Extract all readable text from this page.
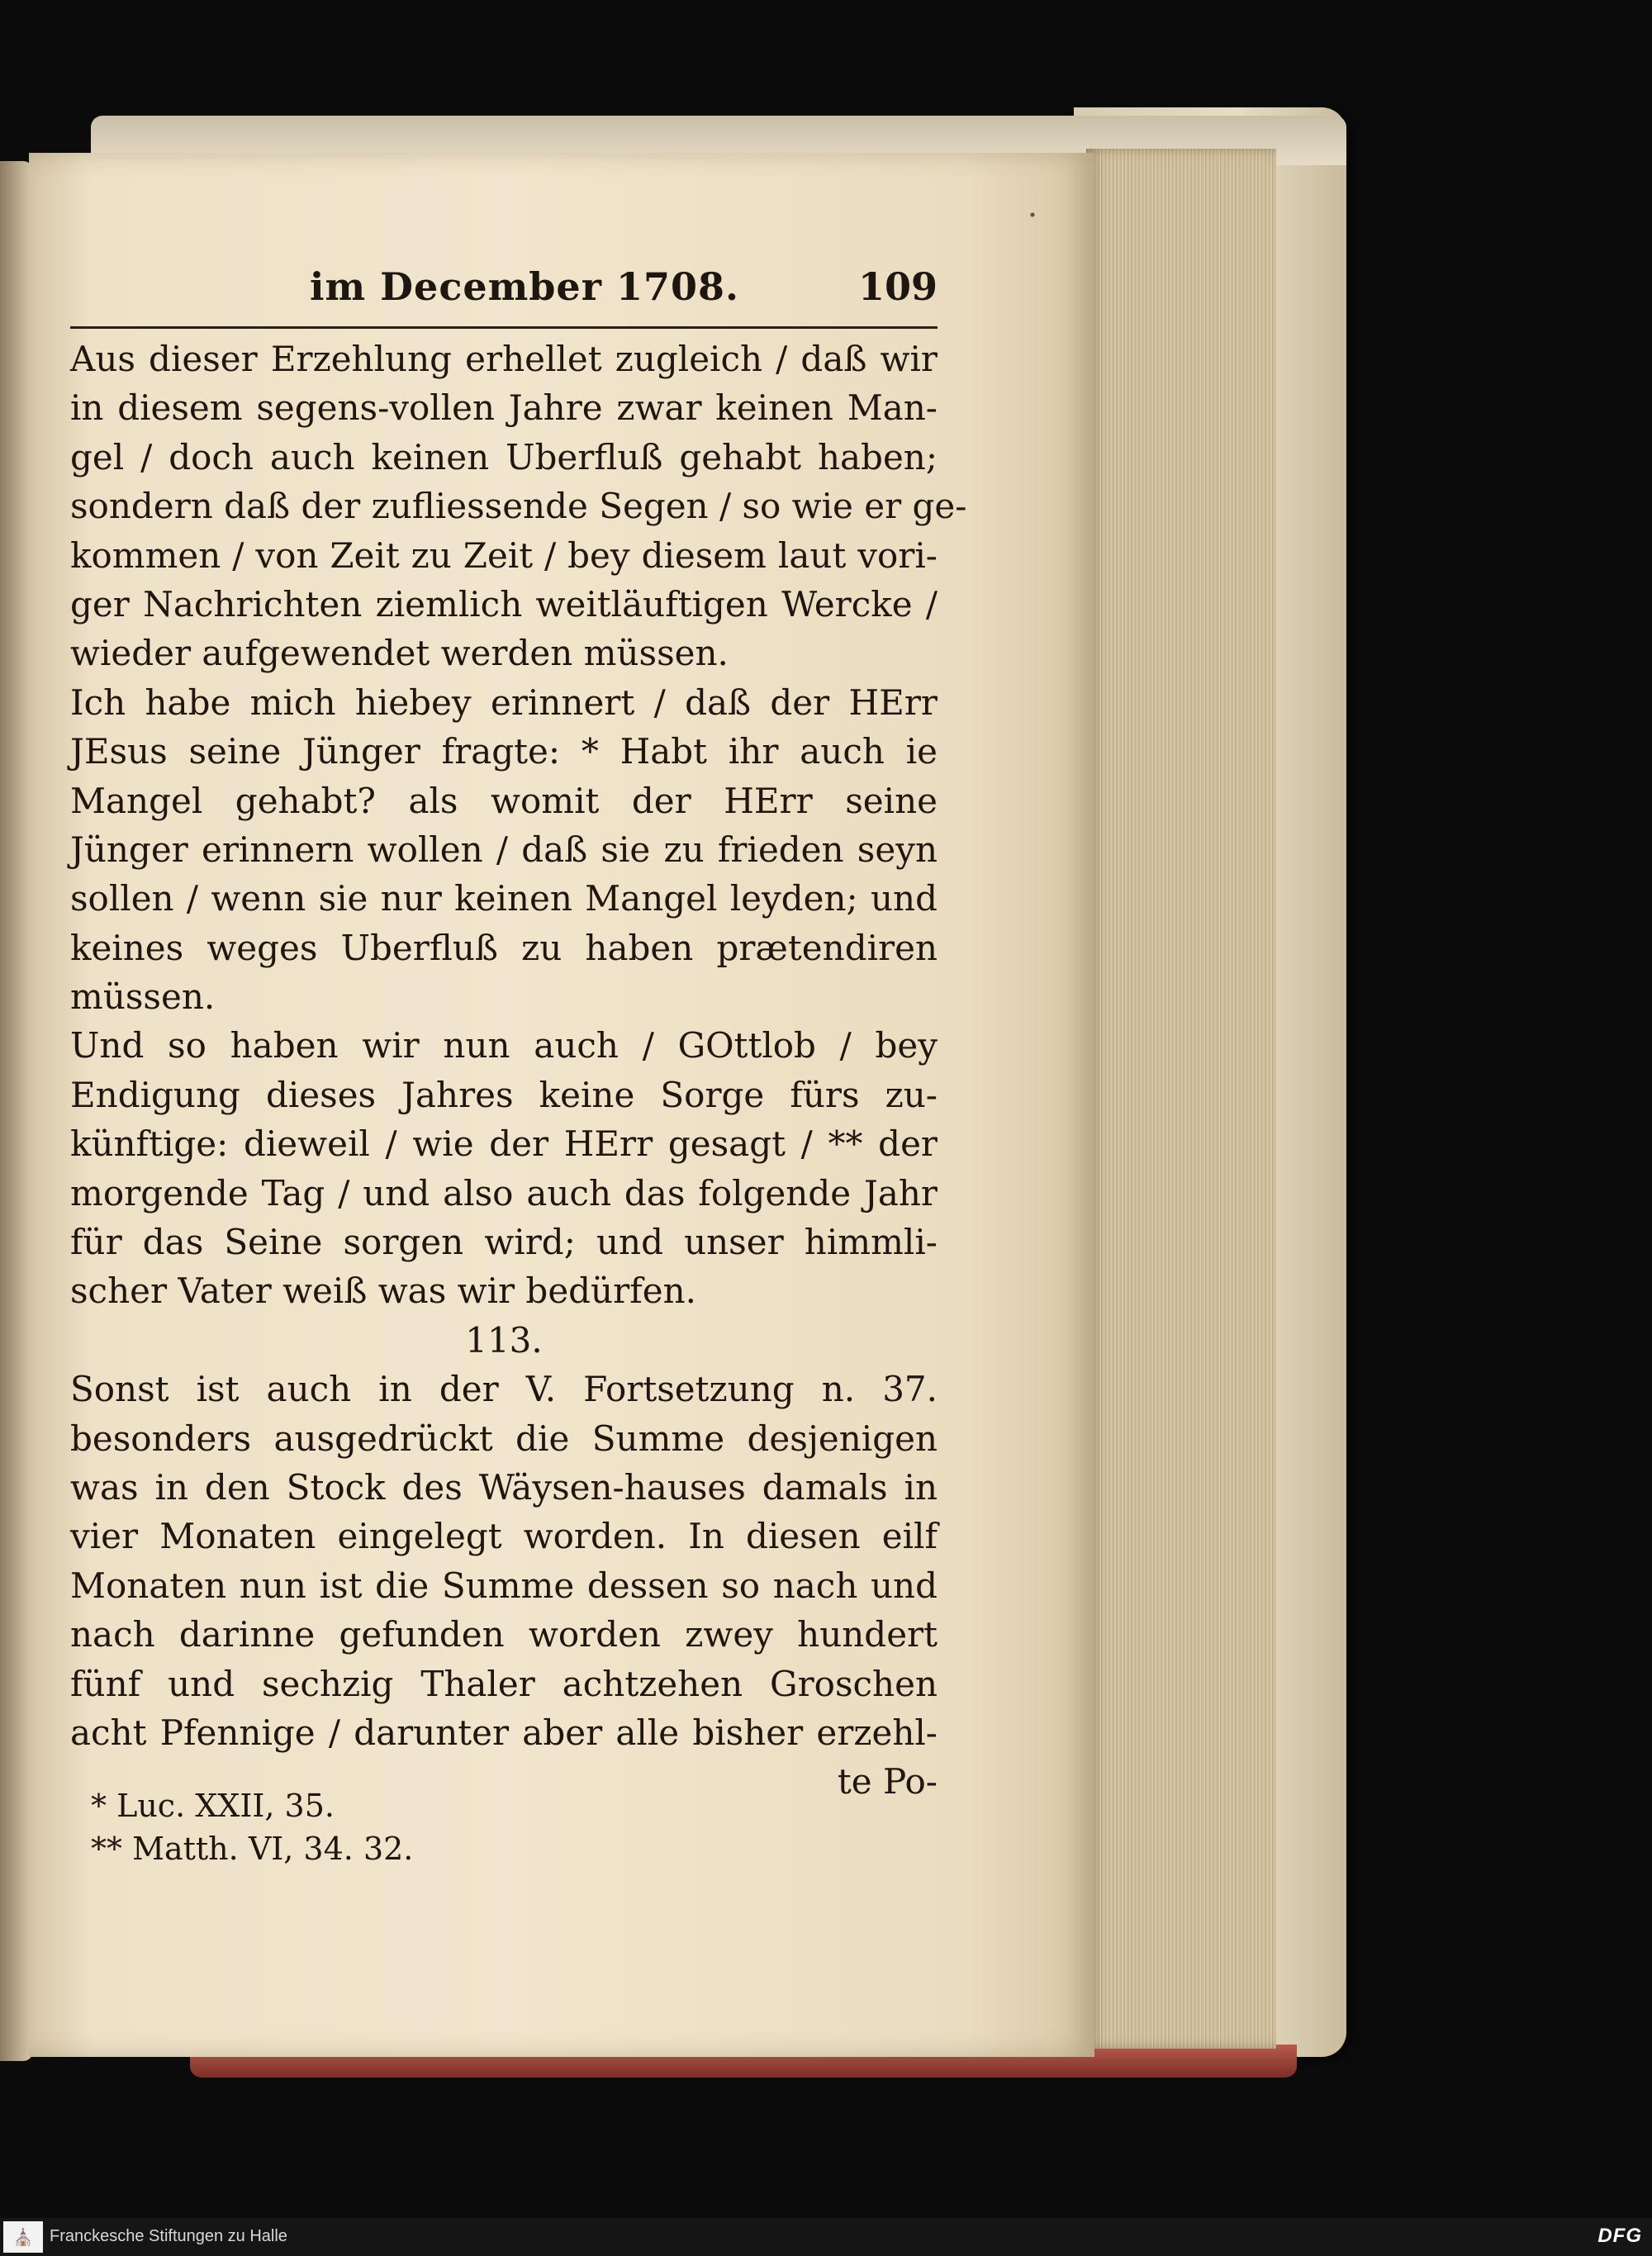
im December 1708.	109
Aus dieser Erzehlung erhellet zugleich / daß wir
in diesem segens-vollen Jahre zwar keinen Man-
gel / doch auch keinen Uberfluß gehabt haben;
sondern daß der zufliessende Segen / so wie er ge-
kommen / von Zeit zu Zeit / bey diesem laut vori-
ger Nachrichten ziemlich weitläuftigen Wercke /
wieder aufgewendet werden müssen.
Ich habe mich hiebey erinnert / daß der HErr
JEsus seine Jünger fragte: * Habt ihr auch ie
Mangel gehabt? als womit der HErr seine
Jünger erinnern wollen / daß sie zu frieden seyn
sollen / wenn sie nur keinen Mangel leyden; und
keines weges Uberfluß zu haben prætendiren
müssen.
Und so haben wir nun auch / GOttlob / bey
Endigung dieses Jahres keine Sorge fürs zu-
künftige: dieweil / wie der HErr gesagt / ** der
morgende Tag / und also auch das folgende Jahr
für das Seine sorgen wird; und unser himmli-
scher Vater weiß was wir bedürfen.
113.
Sonst ist auch in der V. Fortsetzung n. 37.
besonders ausgedrückt die Summe desjenigen
was in den Stock des Wäysen-hauses damals in
vier Monaten eingelegt worden. In diesen eilf
Monaten nun ist die Summe dessen so nach und
nach darinne gefunden worden zwey hundert
fünf und sechzig Thaler achtzehen Groschen
acht Pfennige / darunter aber alle bisher erzehl-
te Po-
* Luc. XXII, 35.
** Matth. VI, 34. 32.
⛪ Franckesche Stiftungen zu Halle	DFG
